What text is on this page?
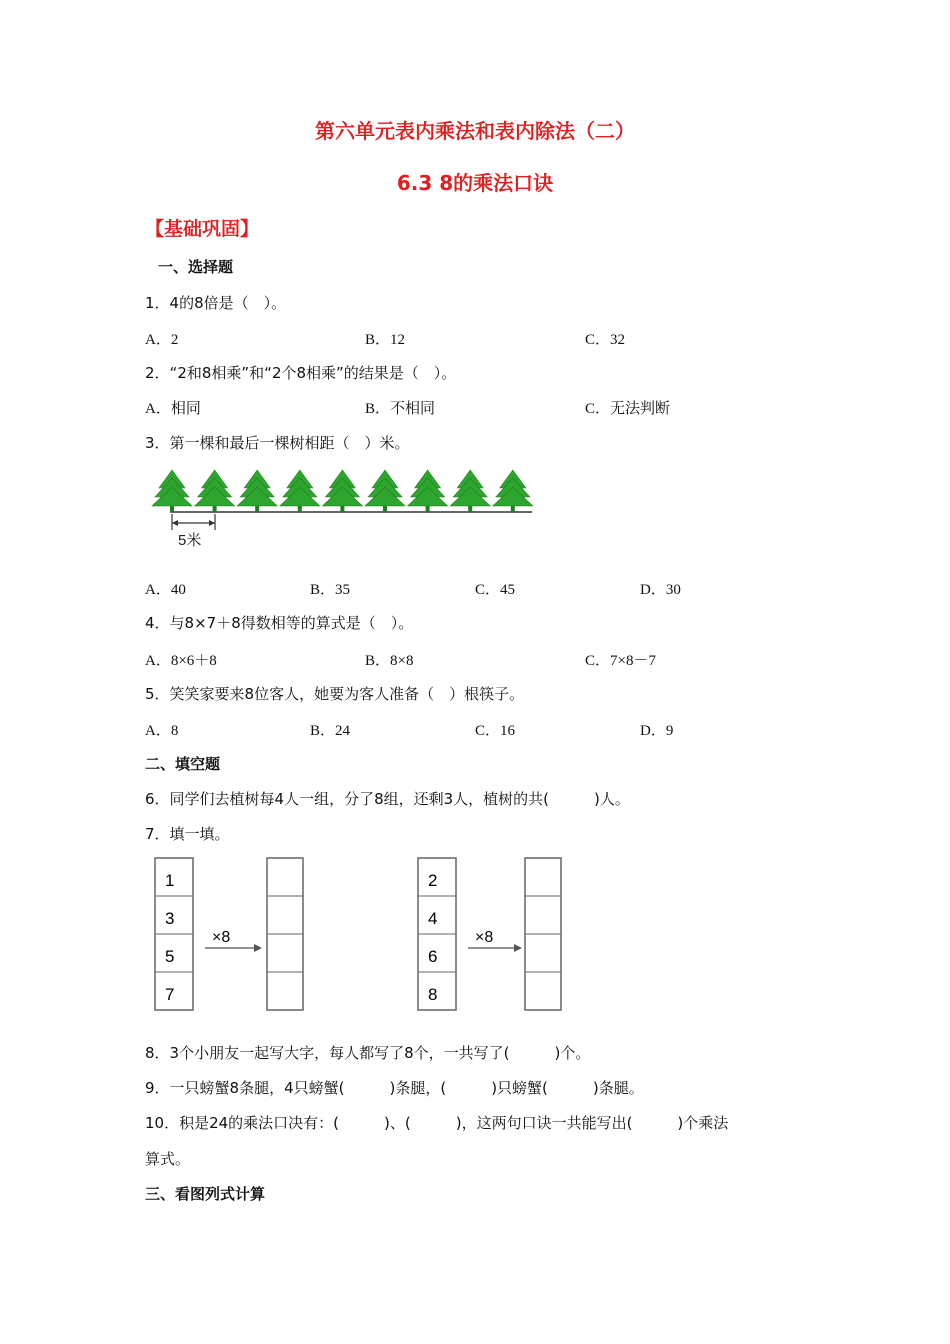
第六单元表内乘法和表内除法（二）
6.3 8的乘法口诀
【基础巩固】
一、选择题
1．4的8倍是（　）。
A．2	B．12	C．32
2．“2和8相乘”和“2个8相乘”的结果是（　）。
A．相同	B．不相同	C．无法判断
3．第一棵和最后一棵树相距（　）米。
5米
A．40	B．35	C．45	D．30
4．与8×7＋8得数相等的算式是（　）。
A．8×6＋8	B．8×8	C．7×8－7
5．笑笑家要来8位客人，她要为客人准备（　）根筷子。
A．8	B．24	C．16	D．9
二、填空题
6．同学们去植树每4人一组，分了8组，还剩3人，植树的共(　　　)人。
7．填一填。
1
3
5
7
×8
2
4
6
8
×8
8．3个小朋友一起写大字，每人都写了8个，一共写了(　　　)个。
9．一只螃蟹8条腿，4只螃蟹(　　　)条腿，(　　　)只螃蟹(　　　)条腿。
10．积是24的乘法口决有：(　　　)、(　　　)，这两句口诀一共能写出(　　　)个乘法
算式。
三、看图列式计算
